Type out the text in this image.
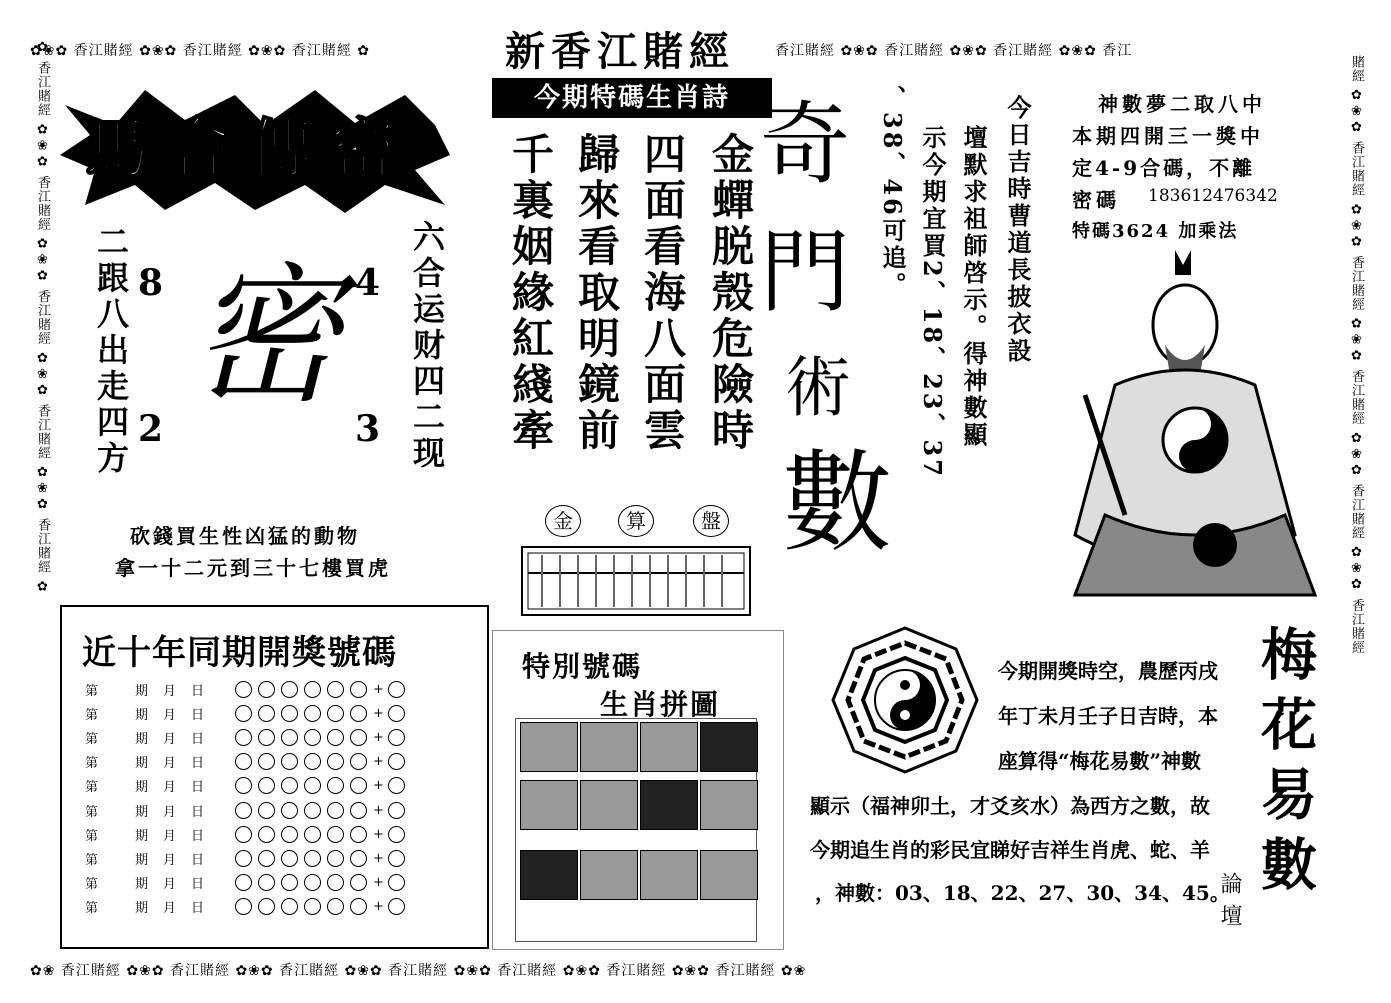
✿❀✿ 香江賭經 ✿❀✿ 香江賭經 ✿❀✿ 香江賭經 ✿	香江賭經 ✿❀✿ 香江賭經 ✿❀✿ 香江賭經 ✿❀✿ 香江
✿❀ 香江賭經 ✿❀✿ 香江賭經 ✿❀✿ 香江賭經 ✿❀✿ 香江賭經 ✿❀✿ 香江賭經 ✿❀✿ 香江賭經 ✿❀✿ 香江賭經 ✿❀
✿ 香江賭經 ✿❀✿ 香江賭經 ✿❀✿ 香江賭經 ✿❀✿ 香江賭經 ✿❀✿ 香江賭經 ✿	賭經 ✿❀✿ 香江賭經 ✿❀✿ 香江賭經 ✿❀✿ 香江賭經 ✿❀✿ 香江賭經 ✿❀✿ 香江賭經
新香江賭經
今期特碼生肖詩
馬會傳密
二跟八出走四方	六合运财四二现
8	4
2	3
密
砍錢買生性凶猛的動物
拿一十二元到三十七樓買虎
金蟬脱殼危險時
四面看海八面雲
歸來看取明鏡前
千裏姻緣紅綫牽 奇
門
術
數
金	算	盤
今日吉時曹道長披衣設
壇默求祖師啓示。得神數顯
示今期宜買2、18、23、37
、38、46可追。	神數夢二取八中
本期四開三一獎中
定4-9合碼，不離
密碼 183612476342
特碼3624 加乘法
梅花易數
今期開獎時空，農歷丙戌
年丁未月壬子日吉時，本
座算得“梅花易數”神數
顯示（福神卯土，才爻亥水）為西方之數，故
今期追生肖的彩民宜睇好吉祥生肖虎、蛇、羊
，神數：03、18、22、27、30、34、45。
論壇
近十年同期開獎號碼
第	期	月	日	+
第	期	月	日	+
第	期	月	日	+
第	期	月	日	+
第	期	月	日	+
第	期	月	日	+
第	期	月	日	+
第	期	月	日	+
第	期	月	日	+
第	期	月	日	+
特別號碼
生肖拼圖
